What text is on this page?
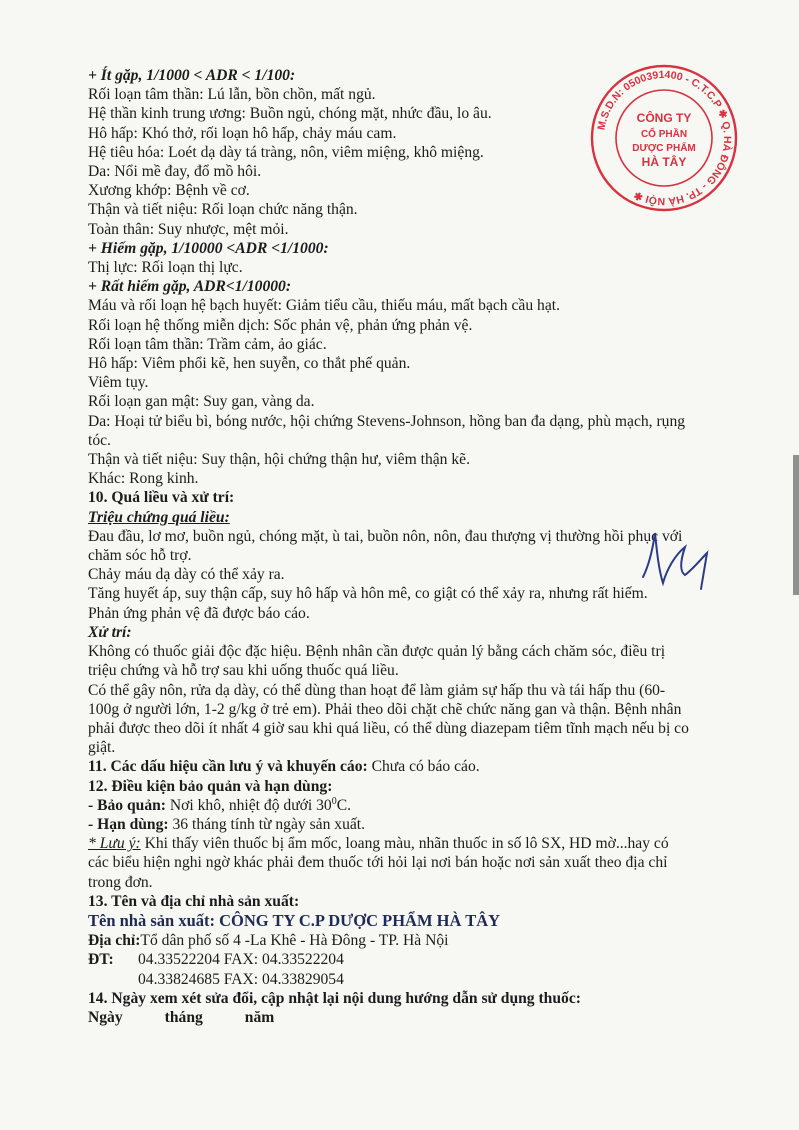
+ Ít gặp, 1/1000 < ADR < 1/100:
Rối loạn tâm thần: Lú lẫn, bồn chồn, mất ngủ.
Hệ thần kinh trung ương: Buồn ngủ, chóng mặt, nhức đầu, lo âu.
Hô hấp: Khó thở, rối loạn hô hấp, chảy máu cam.
Hệ tiêu hóa: Loét dạ dày tá tràng, nôn, viêm miệng, khô miệng.
Da: Nổi mề đay, đổ mồ hôi.
Xương khớp: Bệnh về cơ.
Thận và tiết niệu: Rối loạn chức năng thận.
Toàn thân: Suy nhược, mệt mỏi.
+ Hiếm gặp, 1/10000 <ADR <1/1000:
Thị lực: Rối loạn thị lực.
+ Rất hiếm gặp, ADR<1/10000:
Máu và rối loạn hệ bạch huyết: Giảm tiểu cầu, thiếu máu, mất bạch cầu hạt.
Rối loạn hệ thống miễn dịch: Sốc phản vệ, phản ứng phản vệ.
Rối loạn tâm thần: Trầm cảm, ảo giác.
Hô hấp: Viêm phổi kẽ, hen suyễn, co thắt phế quản.
Viêm tụy.
Rối loạn gan mật: Suy gan, vàng da.
Da: Hoại tử biểu bì, bóng nước, hội chứng Stevens-Johnson, hồng ban đa dạng, phù mạch, rụng
tóc.
Thận và tiết niệu: Suy thận, hội chứng thận hư, viêm thận kẽ.
Khác: Rong kinh.
10. Quá liều và xử trí:
Triệu chứng quá liều:
Đau đầu, lơ mơ, buồn ngủ, chóng mặt, ù tai, buồn nôn, nôn, đau thượng vị thường hồi phục với
chăm sóc hỗ trợ.
Chảy máu dạ dày có thể xảy ra.
Tăng huyết áp, suy thận cấp, suy hô hấp và hôn mê, co giật có thể xảy ra, nhưng rất hiếm.
Phản ứng phản vệ đã được báo cáo.
Xử trí:
Không có thuốc giải độc đặc hiệu. Bệnh nhân cần được quản lý bằng cách chăm sóc, điều trị
triệu chứng và hỗ trợ sau khi uống thuốc quá liều.
Có thể gây nôn, rửa dạ dày, có thể dùng than hoạt để làm giảm sự hấp thu và tái hấp thu (60-
100g ở người lớn, 1-2 g/kg ở trẻ em). Phải theo dõi chặt chẽ chức năng gan và thận. Bệnh nhân
phải được theo dõi ít nhất 4 giờ sau khi quá liều, có thể dùng diazepam tiêm tĩnh mạch nếu bị co
giật.
11. Các dấu hiệu cần lưu ý và khuyến cáo: Chưa có báo cáo.
12. Điều kiện bảo quản và hạn dùng:
- Bảo quản: Nơi khô, nhiệt độ dưới $30^0C$.
- Hạn dùng: 36 tháng tính từ ngày sản xuất.
* Lưu ý: Khi thấy viên thuốc bị ẩm mốc, loang màu, nhãn thuốc in số lô SX, HD mờ...hay có
các biểu hiện nghi ngờ khác phải đem thuốc tới hỏi lại nơi bán hoặc nơi sản xuất theo địa chỉ
trong đơn.
13. Tên và địa chỉ nhà sản xuất:
Tên nhà sản xuất: CÔNG TY C.P DƯỢC PHẨM HÀ TÂY
Địa chỉ:Tổ dân phố số 4 -La Khê - Hà Đông - TP. Hà Nội
ĐT: 04.33522204 FAX: 04.33522204
04.33824685 FAX: 04.33829054
14. Ngày xem xét sửa đổi, cập nhật lại nội dung hướng dẫn sử dụng thuốc:
Ngày	tháng	năm
M.S.D.N: 0500391400 - C.T.C.P ✱ Q. HÀ ĐÔNG - TP. HÀ NỘI ✱
CÔNG TY
CỔ PHẦN
DƯỢC PHẨM
HÀ TÂY
